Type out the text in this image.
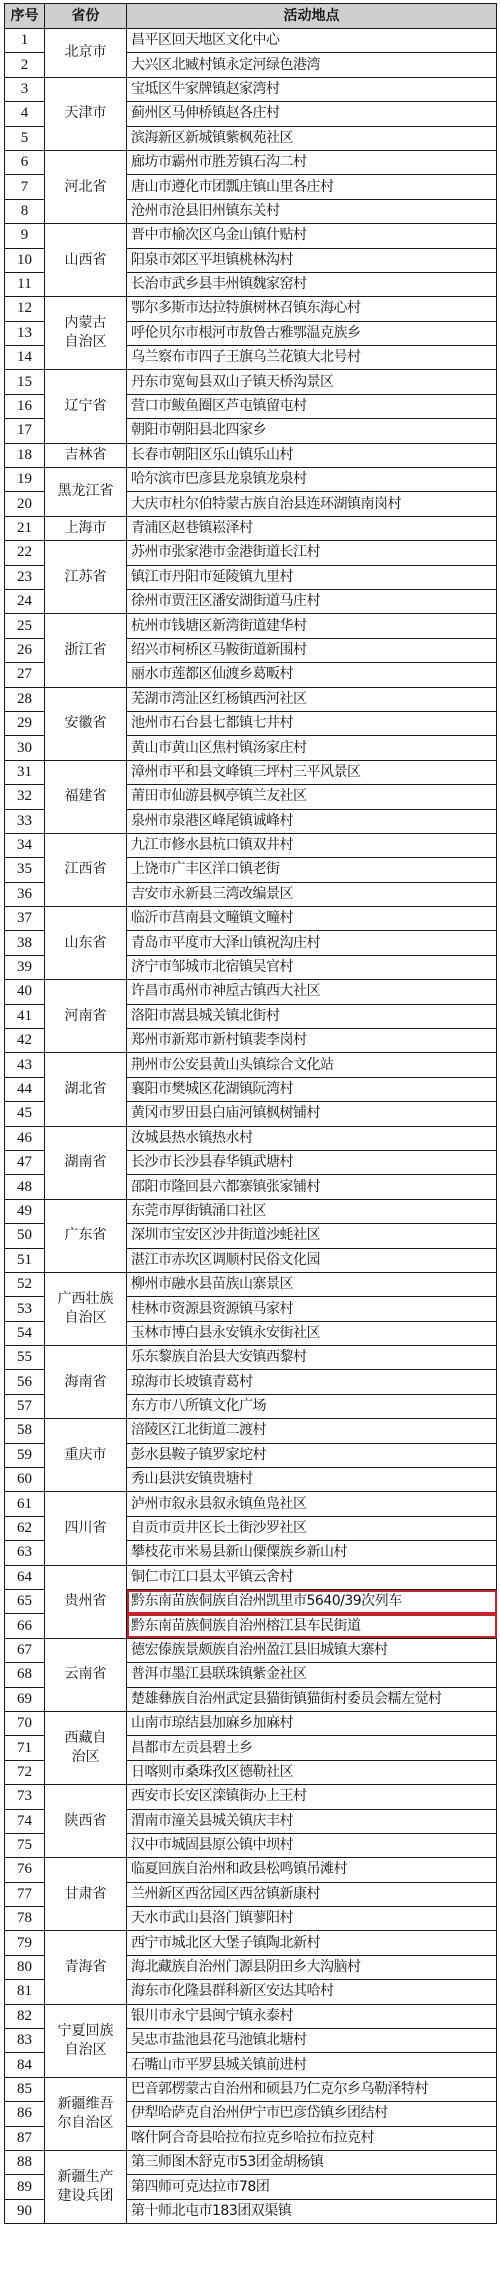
序号	省份	活动地点
1	北京市	昌平区回天地区文化中心
2		大兴区北臧村镇永定河绿色港湾
3	天津市	宝坻区牛家牌镇赵家湾村
4		蓟州区马伸桥镇赵各庄村
5		滨海新区新城镇紫枫苑社区
6	河北省	廊坊市霸州市胜芳镇石沟二村
7		唐山市遵化市团瓢庄镇山里各庄村
8		沧州市沧县旧州镇东关村
9	山西省	晋中市榆次区乌金山镇什贴村
10		阳泉市郊区平坦镇桃林沟村
11		长治市武乡县丰州镇魏家窑村
12	内蒙古自治区	鄂尔多斯市达拉特旗树林召镇东海心村
13		呼伦贝尔市根河市敖鲁古雅鄂温克族乡
14		乌兰察布市四子王旗乌兰花镇大北号村
15	辽宁省	丹东市宽甸县双山子镇天桥沟景区
16		营口市鲅鱼圈区芦屯镇留屯村
17		朝阳市朝阳县北四家乡
18	吉林省	长春市朝阳区乐山镇乐山村
19	黑龙江省	哈尔滨市巴彦县龙泉镇龙泉村
20		大庆市杜尔伯特蒙古族自治县连环湖镇南岗村
21	上海市	青浦区赵巷镇崧泽村
22	江苏省	苏州市张家港市金港街道长江村
23		镇江市丹阳市延陵镇九里村
24		徐州市贾汪区潘安湖街道马庄村
25	浙江省	杭州市钱塘区新湾街道建华村
26		绍兴市柯桥区马鞍街道新围村
27		丽水市莲都区仙渡乡葛畈村
28	安徽省	芜湖市湾沚区红杨镇西河社区
29		池州市石台县七都镇七井村
30		黄山市黄山区焦村镇汤家庄村
31	福建省	漳州市平和县文峰镇三坪村三平风景区
32		莆田市仙游县枫亭镇兰友社区
33		泉州市泉港区峰尾镇诚峰村
34	江西省	九江市修水县杭口镇双井村
35		上饶市广丰区洋口镇老街
36		吉安市永新县三湾改编景区
37	山东省	临沂市莒南县文疃镇文疃村
38		青岛市平度市大泽山镇祝沟庄村
39		济宁市邹城市北宿镇吴官村
40	河南省	许昌市禹州市神垕古镇西大社区
41		洛阳市嵩县城关镇北街村
42		郑州市新郑市新村镇裴李岗村
43	湖北省	荆州市公安县黄山头镇综合文化站
44		襄阳市樊城区花湖镇阮湾村
45		黄冈市罗田县白庙河镇枫树铺村
46	湖南省	汝城县热水镇热水村
47		长沙市长沙县春华镇武塘村
48		邵阳市隆回县六都寨镇张家铺村
49	广东省	东莞市厚街镇涌口社区
50		深圳市宝安区沙井街道沙蚝社区
51		湛江市赤坎区调顺村民俗文化园
52	广西壮族自治区	柳州市融水县苗族山寨景区
53		桂林市资源县资源镇马家村
54		玉林市博白县永安镇永安街社区
55	海南省	乐东黎族自治县大安镇西黎村
56		琼海市长坡镇青葛村
57		东方市八所镇文化广场
58	重庆市	涪陵区江北街道二渡村
59		彭水县鞍子镇罗家坨村
60		秀山县洪安镇贵塘村
61	四川省	泸州市叙永县叙永镇鱼凫社区
62		自贡市贡井区长土街沙罗社区
63		攀枝花市米易县新山傈僳族乡新山村
64	贵州省	铜仁市江口县太平镇云舍村
65		黔东南苗族侗族自治州凯里市5640/39次列车
66		黔东南苗族侗族自治州榕江县车民街道
67	云南省	德宏傣族景颇族自治州盈江县旧城镇大寨村
68		普洱市墨江县联珠镇紫金社区
69		楚雄彝族自治州武定县猫街镇猫街村委员会糯左觉村
70	西藏自治区	山南市琼结县加麻乡加麻村
71		昌都市左贡县碧土乡
72		日喀则市桑珠孜区德勒社区
73	陕西省	西安市长安区滦镇街办上王村
74		渭南市潼关县城关镇庆丰村
75		汉中市城固县原公镇中坝村
76	甘肃省	临夏回族自治州和政县松鸣镇吊滩村
77		兰州新区西岔园区西岔镇新康村
78		天水市武山县洛门镇蓼阳村
79	青海省	西宁市城北区大堡子镇陶北新村
80		海北藏族自治州门源县阴田乡大沟脑村
81		海东市化隆县群科新区安达其哈村
82	宁夏回族自治区	银川市永宁县闽宁镇永泰村
83		吴忠市盐池县花马池镇北塘村
84		石嘴山市平罗县城关镇前进村
85	新疆维吾尔自治区	巴音郭楞蒙古自治州和硕县乃仁克尔乡乌勒泽特村
86		伊犁哈萨克自治州伊宁市巴彦岱镇乡团结村
87		喀什阿合奇县哈拉布拉克乡哈拉布拉克村
88	新疆生产建设兵团	第三师图木舒克市53团金胡杨镇
89		第四师可克达拉市78团
90		第十师北屯市183团双渠镇
